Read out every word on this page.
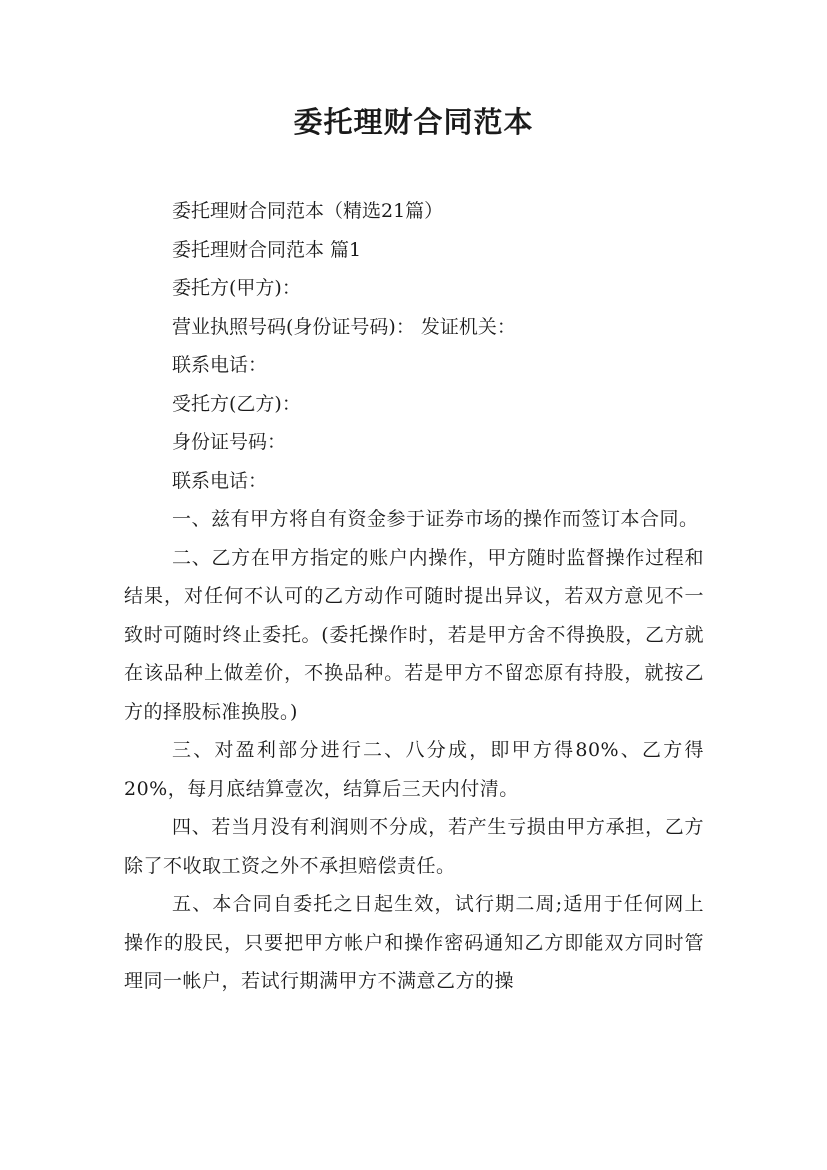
委托理财合同范本

委托理财合同范本（精选21篇）

委托理财合同范本 篇1

委托方(甲方)：

营业执照号码(身份证号码)： 发证机关：

联系电话：

受托方(乙方)：

身份证号码：

联系电话：

一、兹有甲方将自有资金参于证券市场的操作而签订本合同。

二、乙方在甲方指定的账户内操作，甲方随时监督操作过程和结果，对任何不认可的乙方动作可随时提出异议，若双方意见不一致时可随时终止委托。(委托操作时，若是甲方舍不得换股，乙方就在该品种上做差价，不换品种。若是甲方不留恋原有持股，就按乙方的择股标准换股。)

三、对盈利部分进行二、八分成，即甲方得80%、乙方得20%，每月底结算壹次，结算后三天内付清。

四、若当月没有利润则不分成，若产生亏损由甲方承担，乙方除了不收取工资之外不承担赔偿责任。

五、本合同自委托之日起生效，试行期二周;适用于任何网上操作的股民，只要把甲方帐户和操作密码通知乙方即能双方同时管理同一帐户，若试行期满甲方不满意乙方的操
